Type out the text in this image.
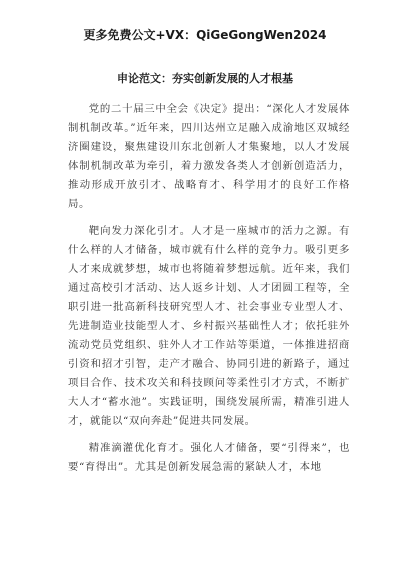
更多免费公文+VX：QiGeGongWen2024
申论范文：夯实创新发展的人才根基

党的二十届三中全会《决定》提出：“深化人才发展体制机制改革。”近年来，四川达州立足融入成渝地区双城经济圈建设，聚焦建设川东北创新人才集聚地，以人才发展体制机制改革为牵引，着力激发各类人才创新创造活力，推动形成开放引才、战略育才、科学用才的良好工作格局。

靶向发力深化引才。人才是一座城市的活力之源。有什么样的人才储备，城市就有什么样的竞争力。吸引更多人才来成就梦想，城市也将随着梦想远航。近年来，我们通过高校引才活动、达人返乡计划、人才团圆工程等，全职引进一批高新科技研究型人才、社会事业专业型人才、先进制造业技能型人才、乡村振兴基础性人才；依托驻外流动党员党组织、驻外人才工作站等渠道，一体推进招商引资和招才引智，走产才融合、协同引进的新路子，通过项目合作、技术攻关和科技顾问等柔性引才方式，不断扩大人才“蓄水池”。实践证明，围绕发展所需，精准引进人才，就能以“双向奔赴”促进共同发展。

精准滴灌优化育才。强化人才储备，要“引得来”，也要“育得出”。尤其是创新发展急需的紧缺人才，本地
